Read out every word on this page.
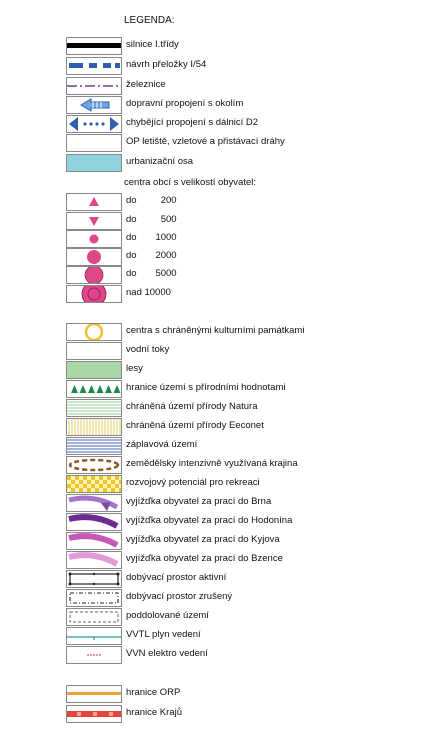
LEGENDA:
silnice I.třídy
návrh přeložky I/54
železnice
dopravní propojení s okolím
chybějící propojení s dálnicí D2
OP letiště, vzletové a přistávací dráhy
urbanizační osa
centra obcí s velikostí obyvatel:
do	200
do	500
do 1000
do 2000
do 5000
nad 10000
centra s chráněnými kulturními památkami
vodní toky
lesy
hranice území s přírodními hodnotami
chráněná území přírody Natura
chráněná území přírody Eeconet
záplavová území
zemědělsky intenzivně využívaná krajina
rozvojový potenciál pro rekreaci
vyjížďka obyvatel za prací do Brna
vyjížďka obyvatel za prací do Hodonína
vyjížďka obyvatel za prací do Kyjova
vyjížďka obyvatel za prací do Bzence
dobývací prostor aktivní
dobývací prostor zrušený
poddolované území
VVTL plyn vedení
VVN elektro vedení
hranice ORP
hranice Krajů
